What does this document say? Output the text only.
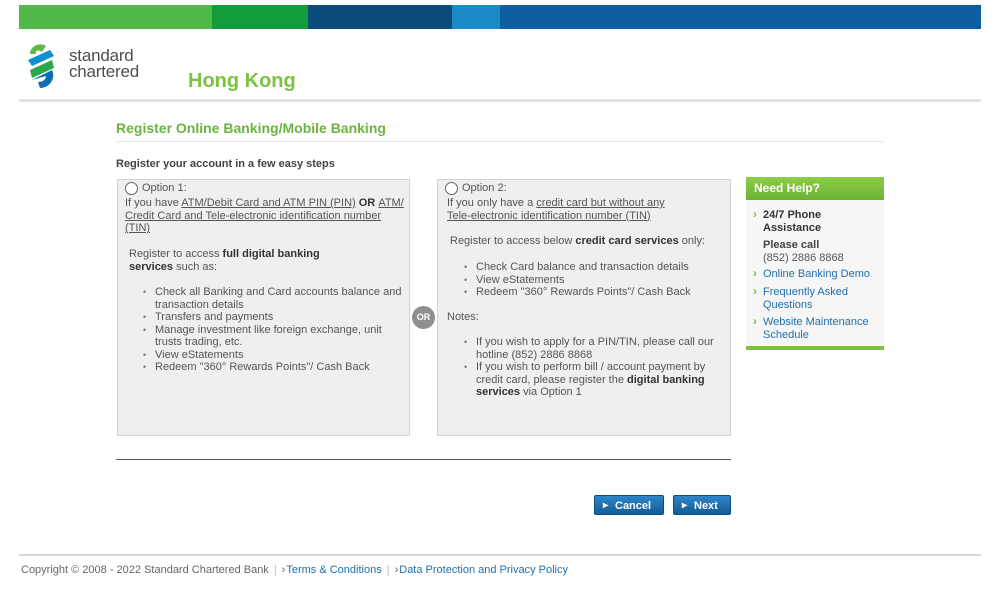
standard
chartered Hong Kong
Register Online Banking/Mobile Banking
Register your account in a few easy steps
Option 1:
If you have ATM/Debit Card and ATM PIN (PIN) OR ATM/
Credit Card and Tele-electronic identification number
(TIN)
Register to access full digital banking
services such as:
• Check all Banking and Card accounts balance and
transaction details
• Transfers and payments
• Manage investment like foreign exchange, unit
trusts trading, etc.
• View eStatements
• Redeem "360° Rewards Points"/ Cash Back
OR
Option 2:
If you only have a credit card but without any
Tele-electronic identification number (TIN)
Register to access below credit card services only:
• Check Card balance and transaction details
• View eStatements
• Redeem "360° Rewards Points"/ Cash Back
Notes:
• If you wish to apply for a PIN/TIN, please call our
hotline (852) 2886 8868
• If you wish to perform bill / account payment by
credit card, please register the digital banking
services via Option 1
Need Help?
› 24/7 Phone
Assistance
Please call
(852) 2886 8868
› Online Banking Demo
› Frequently Asked
Questions
› Website Maintenance
Schedule
▸ Cancel	▸ Next
Copyright © 2008 - 2022 Standard Chartered Bank | › Terms & Conditions | › Data Protection and Privacy Policy
